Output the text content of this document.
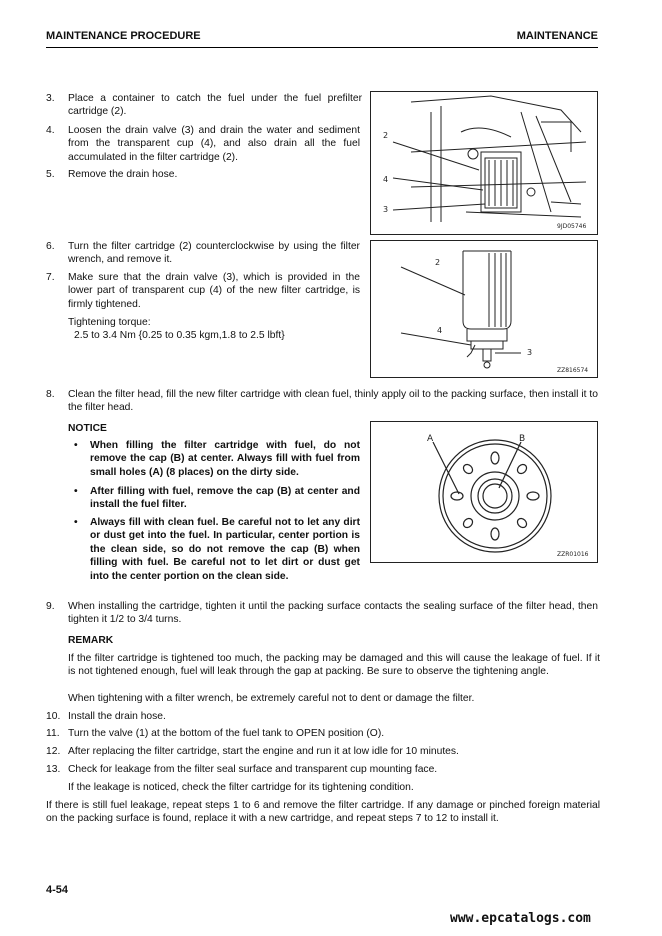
MAINTENANCE PROCEDURE	MAINTENANCE
3. Place a container to catch the fuel under the fuel prefilter cartridge (2).
4. Loosen the drain valve (3) and drain the water and sediment from the transparent cup (4), and also drain all the fuel accumulated in the filter cartridge (2).
5. Remove the drain hose.
2
4
3
9JD05746
6. Turn the filter cartridge (2) counterclockwise by using the filter wrench, and remove it.
7. Make sure that the drain valve (3), which is provided in the lower part of transparent cup (4) of the new filter cartridge, is firmly tightened.
Tightening torque:
2.5 to 3.4 Nm {0.25 to 0.35 kgm,1.8 to 2.5 lbft}
2
4
3
ZZ816574
8. Clean the filter head, fill the new filter cartridge with clean fuel, thinly apply oil to the packing surface, then install it to the filter head.
NOTICE
• When filling the filter cartridge with fuel, do not remove the cap (B) at center. Always fill with fuel from small holes (A) (8 places) on the dirty side.
• After filling with fuel, remove the cap (B) at center and install the fuel filter.
• Always fill with clean fuel. Be careful not to let any dirt or dust get into the fuel. In particular, center portion is the clean side, so do not remove the cap (B) when filling with fuel. Be careful not to let dirt or dust get into the center portion on the clean side.
A	B
ZZR01016
9. When installing the cartridge, tighten it until the packing surface contacts the sealing surface of the filter head, then tighten it 1/2 to 3/4 turns.
REMARK
If the filter cartridge is tightened too much, the packing may be damaged and this will cause the leakage of fuel. If it is not tightened enough, fuel will leak through the gap at packing. Be sure to observe the tightening angle.
When tightening with a filter wrench, be extremely careful not to dent or damage the filter.
10. Install the drain hose.
11. Turn the valve (1) at the bottom of the fuel tank to OPEN position (O).
12. After replacing the filter cartridge, start the engine and run it at low idle for 10 minutes.
13. Check for leakage from the filter seal surface and transparent cup mounting face.
If the leakage is noticed, check the filter cartridge for its tightening condition.
If there is still fuel leakage, repeat steps 1 to 6 and remove the filter cartridge. If any damage or pinched foreign material on the packing surface is found, replace it with a new cartridge, and repeat steps 7 to 12 to install it.
4-54
www.epcatalogs.com
